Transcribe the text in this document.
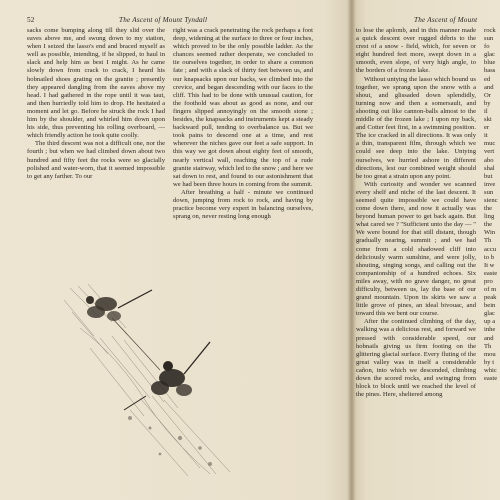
52	The Ascent of Mount Tyndall

sacks come bumping along till they slid over the eaves above me, and swung down to my station, when I seized the lasso's end and braced myself as well as possible, intending, if he slipped, to haul in slack and help him as best I might. As he came slowly down from crack to crack, I heard his hobnailed shoes grating on the granite ; presently they appeared dangling from the eaves above my head. I had gathered in the rope until it was taut, and then hurriedly told him to drop. He hesitated a moment and let go. Before he struck the rock I had him by the shoulder, and whirled him down upon his side, thus preventing his rolling overboard, — which friendly action he took quite coolly.

The third descent was not a difficult one, nor the fourth ; but when we had climbed down about two hundred and fifty feet the rocks were so glacially polished and water-worn, that it seemed impossible to get any farther. To our

right was a crack penetrating the rock perhaps a foot deep, widening at the surface to three or four inches, which proved to be the only possible ladder. As the chances seemed rather desperate, we concluded to tie ourselves together, in order to share a common fate ; and with a slack of thirty feet between us, and our knapsacks upon our backs, we climbed into the crevice, and began descending with our faces to the cliff. This had to be done with unusual caution, for the foothold was about as good as none, and our fingers slipped annoyingly on the smooth stone ; besides, the knapsacks and instruments kept a steady backward pull, tending to overbalance us. But we took pains to descend one at a time, and rest wherever the niches gave our feet a safe support. In this way we got down about eighty feet of smooth, nearly vertical wall, reaching the top of a rude granite stairway, which led to the snow ; and here we sat down to rest, and found to our astonishment that we had been three hours in coming from the summit.

After breathing a half - minute we continued down, jumping from rock to rock, and having by practice become very expert in balancing ourselves, sprang on, never resting long enough

The Ascent of Mount

to lose the aplomb, and in this manner made a quick descent over rugged débris to the crest of a snow - field, which, for seven or eight hundred feet more, swept down in a smooth, even slope, of very high angle, to the borders of a frozen lake.

Without untying the lasso which bound us together, we sprang upon the snow with a shout, and glissaded down splendidly, turning now and then a somersault, and shooting out like cannon-balls almost to the middle of the frozen lake ; I upon my back, and Cotter feet first, in a swimming position. The ice cracked in all directions. It was only a thin, transparent film, through which we could see deep into the lake. Untying ourselves, we hurried ashore in different directions, lest our combined weight should be too great a strain upon any point.

With curiosity and wonder we scanned every shelf and niche of the last descent. It seemed quite impossible we could have come down there, and now it actually was beyond human power to get back again. But what cared we ? "Sufficient unto the day — " We were bound for that still distant, though gradually nearing, summit ; and we had come from a cold shadowed cliff into deliciously warm sunshine, and were jolly, shouting, singing songs, and calling out the companionship of a hundred echoes. Six miles away, with no grave danger, no great difficulty, between us, lay the base of our grand mountain. Upon its skirts we saw a little grove of pines, an ideal bivouac, and toward this we bent our course.

After the continued climbing of the day, walking was a delicious rest, and forward we pressed with considerable speed, our hobnails giving us firm footing on the glittering glacial surface. Every fluting of the great valley was in itself a considerable cañon, into which we descended, climbing down the scored rocks, and swinging from block to block until we reached the level of the pines. Here, sheltered among

rock

sun

fo

glac

blue

bass

ed

and

Or

by

il

ski

er

it

muc

vert

abo

shal

but

inve

sun

sienc

the

ling

the

Win

Th

accu

to b

It w

easte

pro

of m

peak

bein

glac

up a

inhe

and

Th

mou

by t

whic

easte
